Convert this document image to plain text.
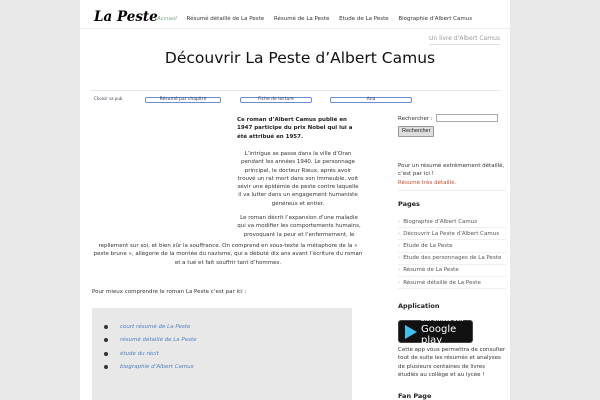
La Peste Accueil Résumé détaillé de La Peste Résumé de La Peste Etude de La Peste Biographie d'Albert Camus
Un livre d'Albert Camus
Découvrir La Peste d’Albert Camus
Choisir sa pub	Résumé par chapitre	Fiche de lecture	Ana

Ce roman d’Albert Camus publié en 1947 participe du prix Nobel qui lui a été attribué en 1957.

L’intrigue se passe dans la ville d’Oran pendant les années 1940. Le personnage principal, le docteur Rieux, après avoir trouvé un rat mort dans son immeuble, voit sévir une épidémie de peste contre laquelle il va lutter dans un engagement humaniste généreux et entier.

Le roman décrit l’expansion d’une maladie qui va modifier les comportements humains, provoquant la peur et l’enfermement, le

repliement sur soi, et bien sûr la souffrance. On comprend en sous-texte la métaphore de la « peste brune », allégorie de la montée du nazisme, qui a débuté dix ans avant l’écriture du roman et a tué et fait souffrir tant d’hommes.

Pour mieux comprendre le roman La Peste c’est par ici :

court résumé de La Peste
résumé détaillé de La Peste
étude du récit
biographie d’Albert Camus
Rechercher :
Rechercher

Pour un résumé extrêmement détaillé, c’est par ici !
Résumé très détaillé.

Pages
› Biographie d’Albert Camus
› Découvrir La Peste d’Albert Camus
› Etude de La Peste
› Etude des personnages de La Peste
› Résumé de La Peste
› Résumé détaillé de La Peste
Application
DISPONIBLE SUR
Google play

Cette app vous permettra de consulter tout de suite les résumés et analyses de plusieurs centaines de livres étudiés au collège et au lycée !

Fan Page
